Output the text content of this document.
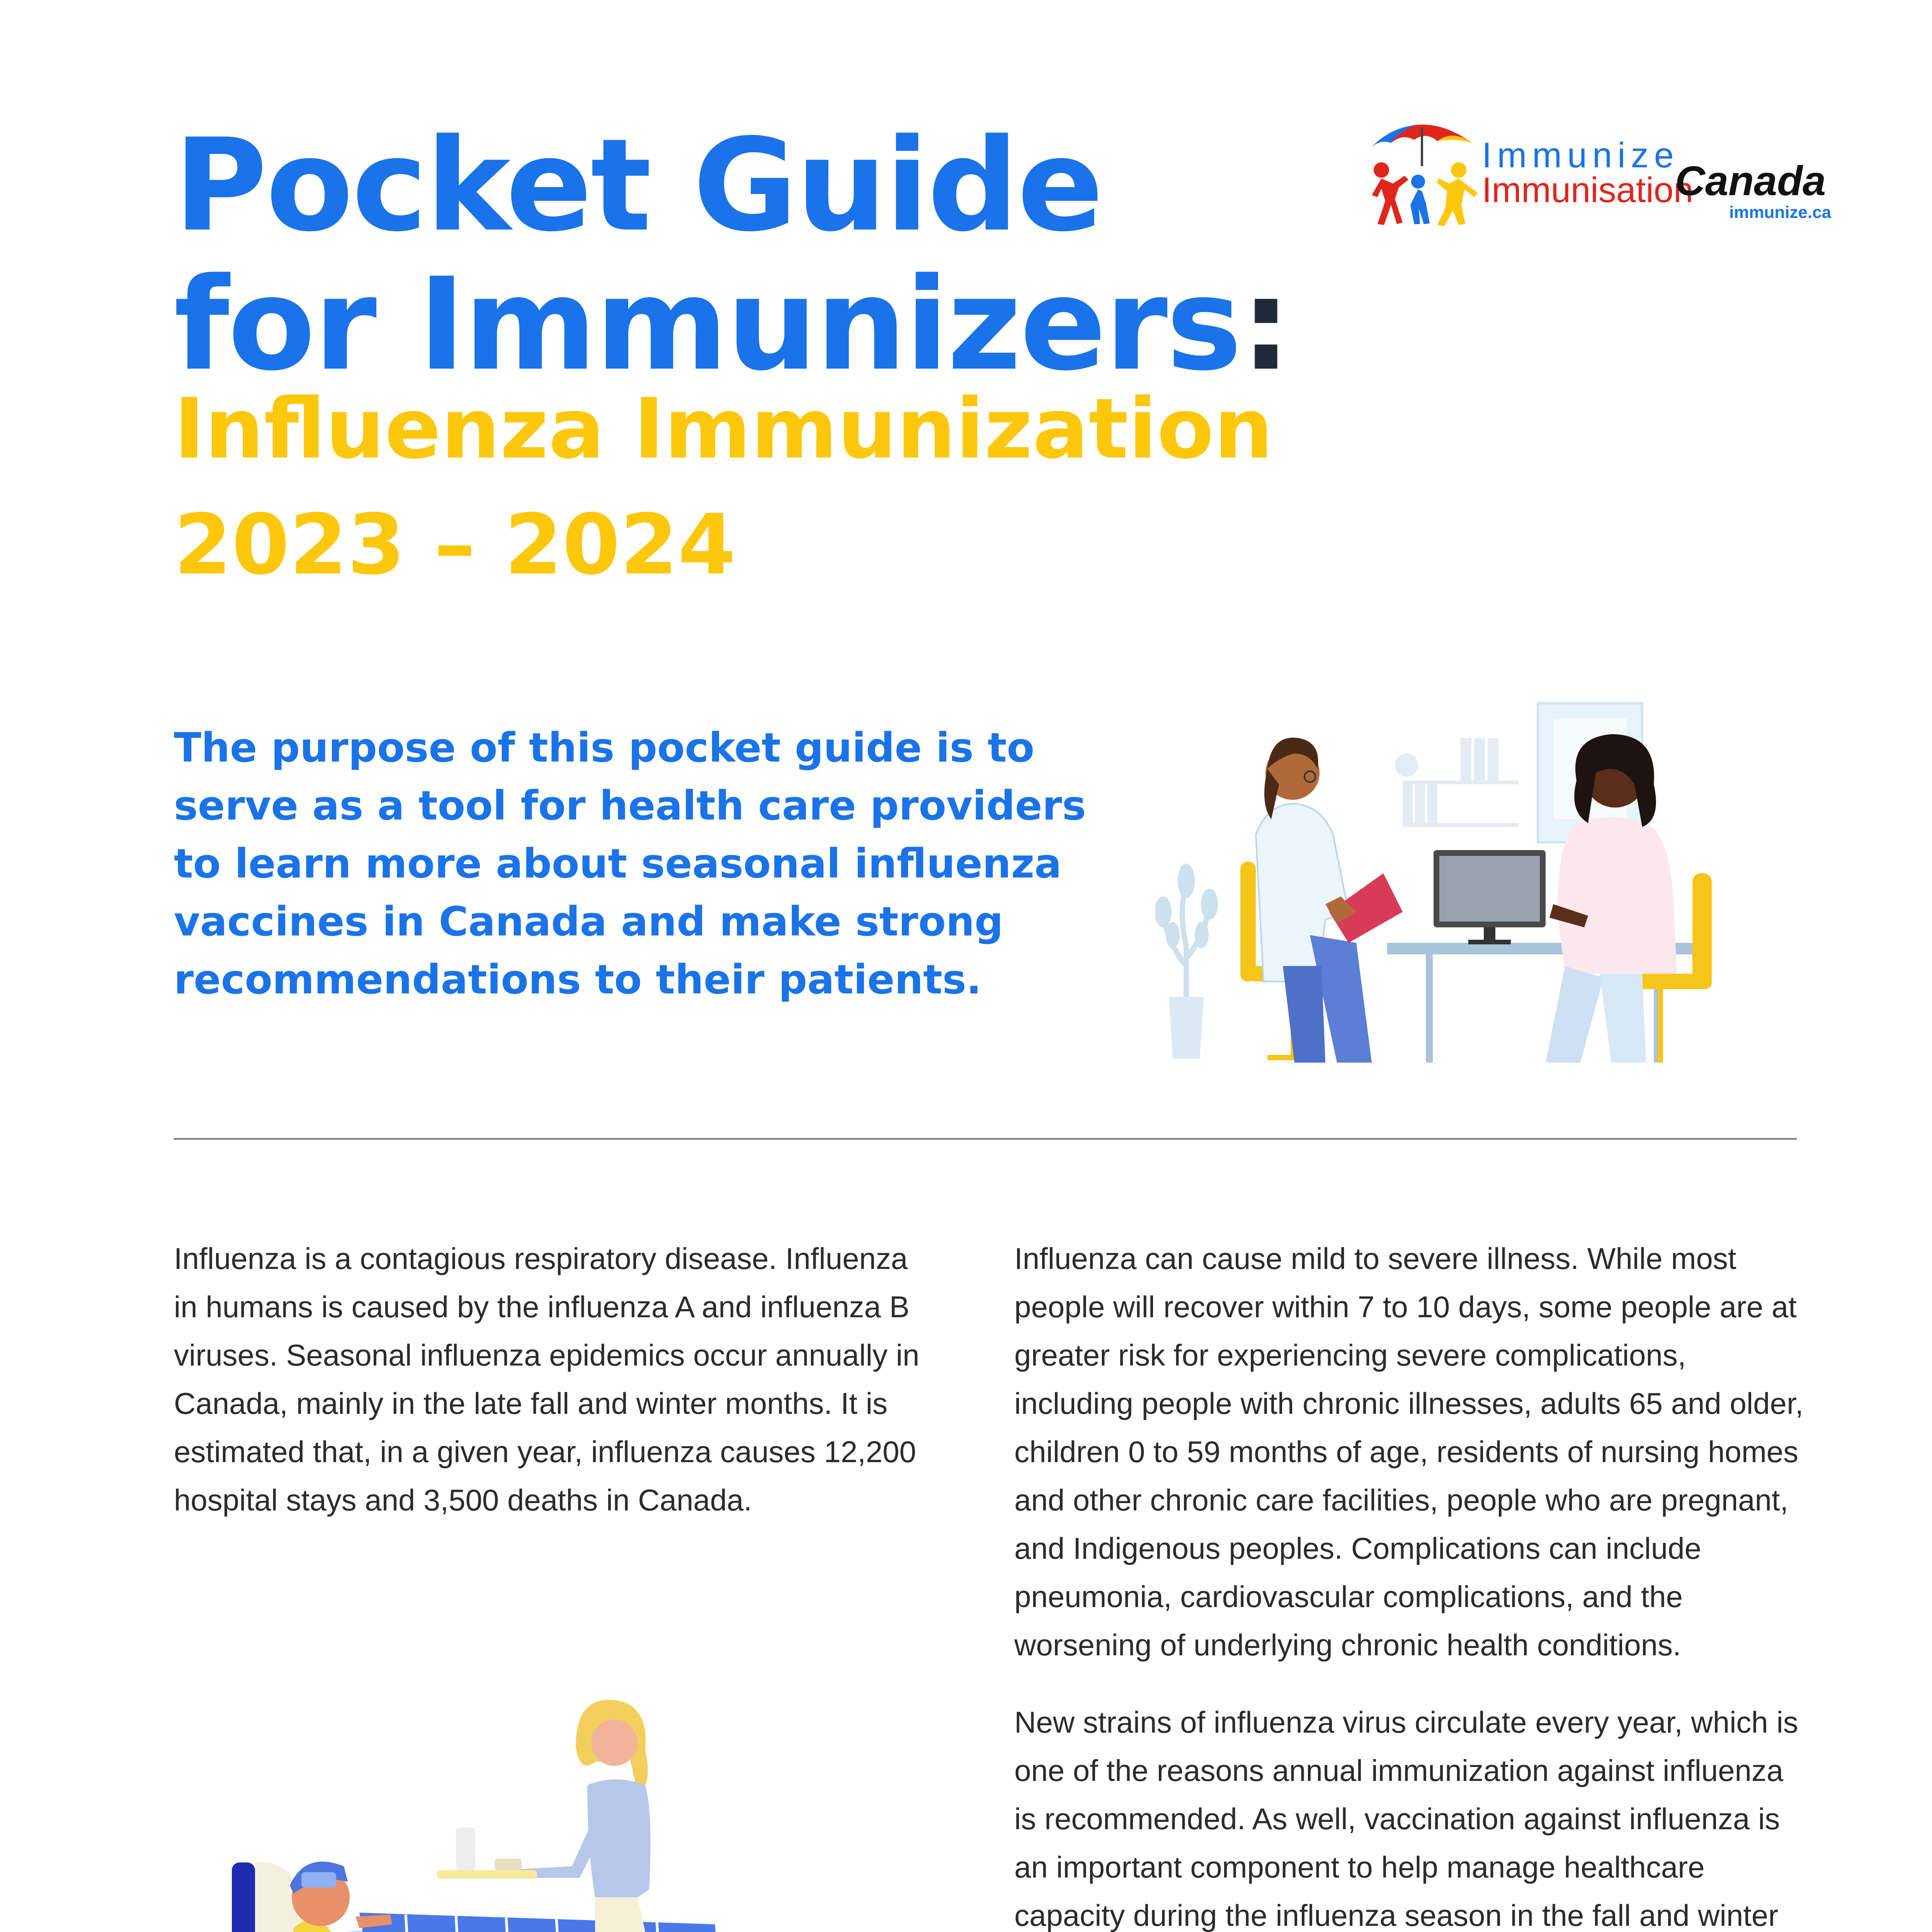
Pocket Guide
for Immunizers:
Influenza Immunization
2023 – 2024
Immunize
Immunisation
Canada
immunize.ca
The purpose of this pocket guide is to serve as a tool for health care providers to learn more about seasonal influenza vaccines in Canada and make strong recommendations to their patients.

Influenza is a contagious respiratory disease. Influenza in humans is caused by the influenza A and influenza B viruses. Seasonal influenza epidemics occur annually in Canada, mainly in the late fall and winter months. It is estimated that, in a given year, influenza causes 12,200 hospital stays and 3,500 deaths in Canada.

Influenza can cause mild to severe illness. While most people will recover within 7 to 10 days, some people are at greater risk for experiencing severe complications, including people with chronic illnesses, adults 65 and older, children 0 to 59 months of age, residents of nursing homes and other chronic care facilities, people who are pregnant, and Indigenous peoples. Complications can include pneumonia, cardiovascular complications, and the worsening of underlying chronic health conditions.

New strains of influenza virus circulate every year, which is one of the reasons annual immunization against influenza is recommended. As well, vaccination against influenza is an important component to help manage healthcare capacity during the influenza season in the fall and winter
